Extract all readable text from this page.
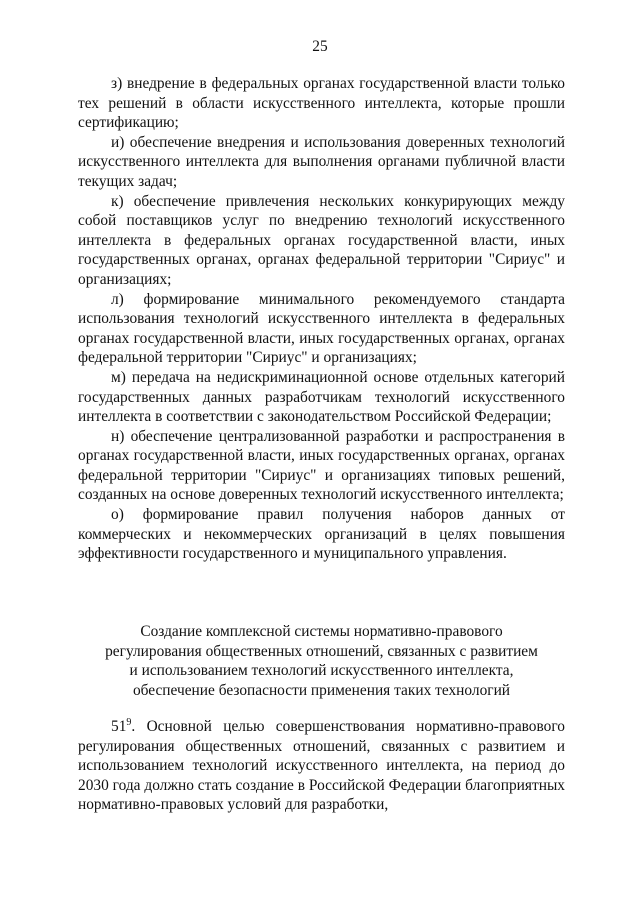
25

з) внедрение в федеральных органах государственной власти только тех решений в области искусственного интеллекта, которые прошли сертификацию;

и) обеспечение внедрения и использования доверенных технологий искусственного интеллекта для выполнения органами публичной власти текущих задач;

к) обеспечение привлечения нескольких конкурирующих между собой поставщиков услуг по внедрению технологий искусственного интеллекта в федеральных органах государственной власти, иных государственных органах, органах федеральной территории "Сириус" и организациях;

л) формирование минимального рекомендуемого стандарта использования технологий искусственного интеллекта в федеральных органах государственной власти, иных государственных органах, органах федеральной территории "Сириус" и организациях;

м) передача на недискриминационной основе отдельных категорий государственных данных разработчикам технологий искусственного интеллекта в соответствии с законодательством Российской Федерации;

н) обеспечение централизованной разработки и распространения в органах государственной власти, иных государственных органах, органах федеральной территории "Сириус" и организациях типовых решений, созданных на основе доверенных технологий искусственного интеллекта;

о) формирование правил получения наборов данных от коммерческих и некоммерческих организаций в целях повышения эффективности государственного и муниципального управления.

Создание комплексной системы нормативно-правового
регулирования общественных отношений, связанных с развитием
и использованием технологий искусственного интеллекта,
обеспечение безопасности применения таких технологий

$51^9$. Основной целью совершенствования нормативно-правового регулирования общественных отношений, связанных с развитием и использованием технологий искусственного интеллекта, на период до 2030 года должно стать создание в Российской Федерации благоприятных нормативно-правовых условий для разработки,
